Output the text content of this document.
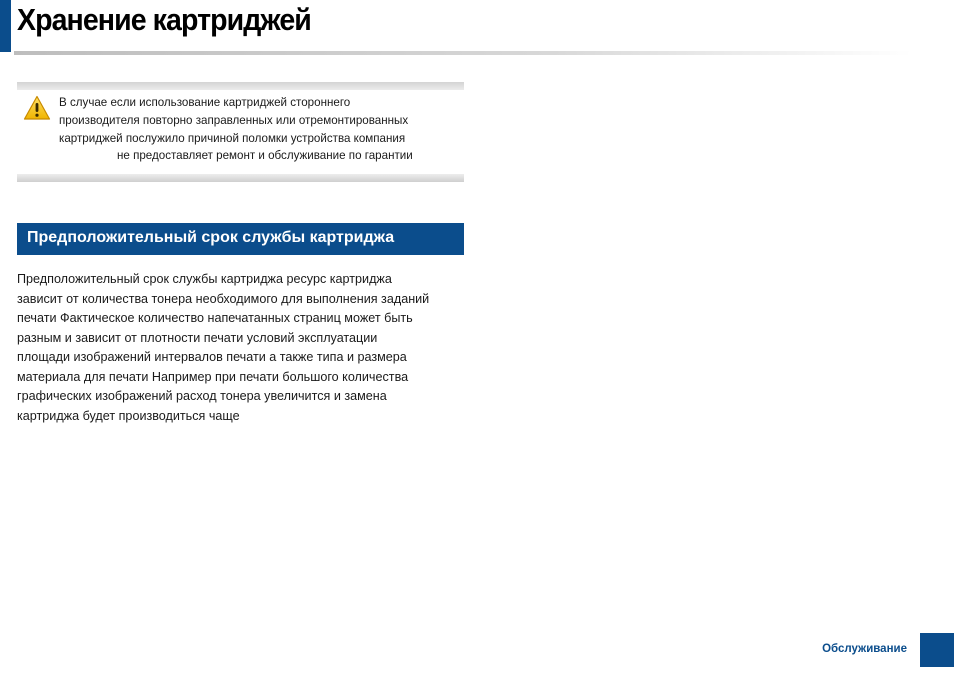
Хранение картриджей
В случае если использование картриджей стороннего
производителя повторно заправленных или отремонтированных
картриджей послужило причиной поломки устройства компания
не предоставляет ремонт и обслуживание по гарантии
Предположительный срок службы картриджа
Предположительный срок службы картриджа ресурс картриджа
зависит от количества тонера необходимого для выполнения заданий
печати Фактическое количество напечатанных страниц может быть
разным и зависит от плотности печати условий эксплуатации
площади изображений интервалов печати а также типа и размера
материала для печати Например при печати большого количества
графических изображений расход тонера увеличится и замена
картриджа будет производиться чаще
Обслуживание
